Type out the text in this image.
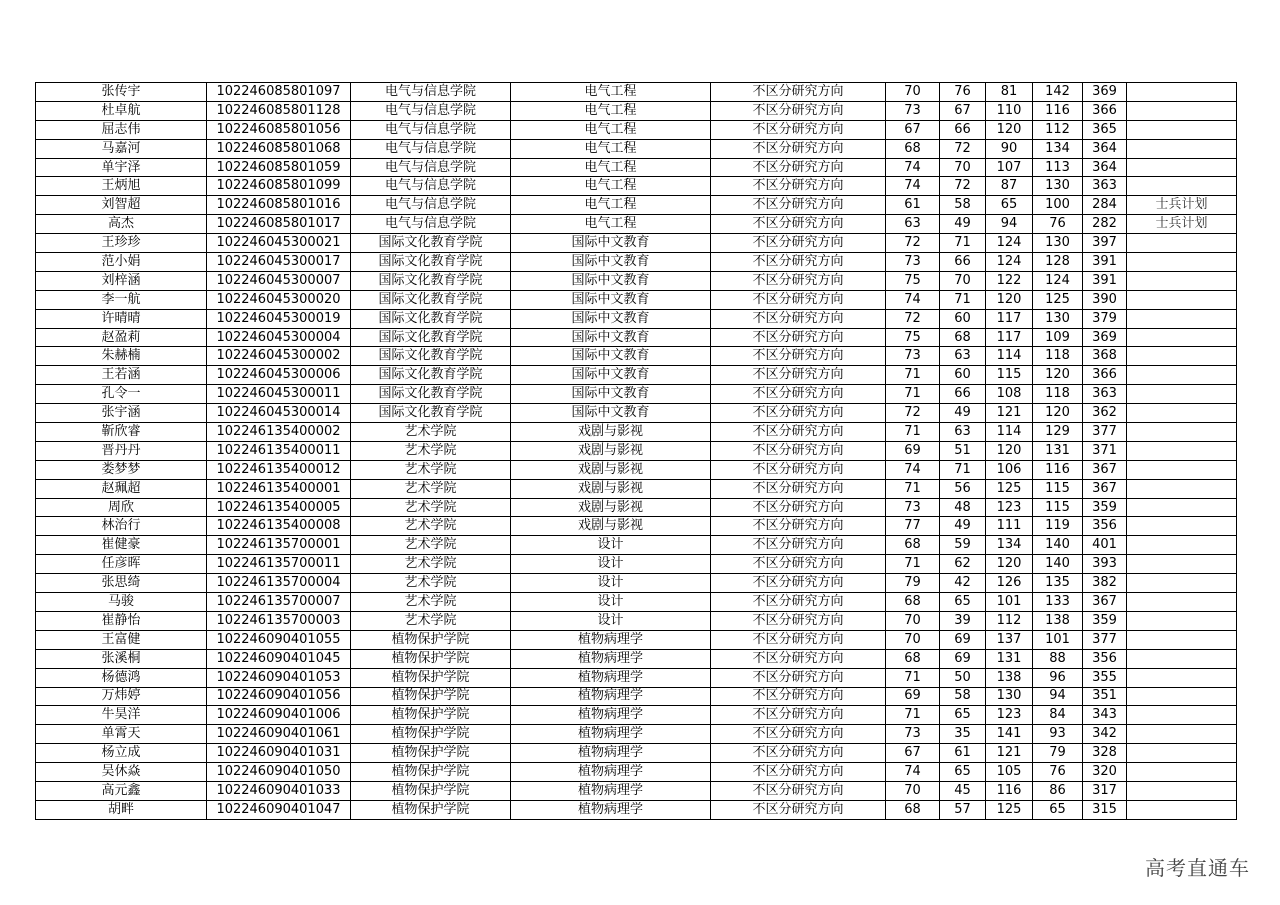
张传宇	102246085801097	电气与信息学院	电气工程	不区分研究方向	70	76	81	142	369	
杜卓航	102246085801128	电气与信息学院	电气工程	不区分研究方向	73	67	110	116	366	
屈志伟	102246085801056	电气与信息学院	电气工程	不区分研究方向	67	66	120	112	365	
马嘉河	102246085801068	电气与信息学院	电气工程	不区分研究方向	68	72	90	134	364	
单宇泽	102246085801059	电气与信息学院	电气工程	不区分研究方向	74	70	107	113	364	
王炳旭	102246085801099	电气与信息学院	电气工程	不区分研究方向	74	72	87	130	363	
刘智超	102246085801016	电气与信息学院	电气工程	不区分研究方向	61	58	65	100	284	士兵计划
高杰	102246085801017	电气与信息学院	电气工程	不区分研究方向	63	49	94	76	282	士兵计划
王珍珍	102246045300021	国际文化教育学院	国际中文教育	不区分研究方向	72	71	124	130	397	
范小娟	102246045300017	国际文化教育学院	国际中文教育	不区分研究方向	73	66	124	128	391	
刘梓涵	102246045300007	国际文化教育学院	国际中文教育	不区分研究方向	75	70	122	124	391	
李一航	102246045300020	国际文化教育学院	国际中文教育	不区分研究方向	74	71	120	125	390	
许晴晴	102246045300019	国际文化教育学院	国际中文教育	不区分研究方向	72	60	117	130	379	
赵盈莉	102246045300004	国际文化教育学院	国际中文教育	不区分研究方向	75	68	117	109	369	
朱赫楠	102246045300002	国际文化教育学院	国际中文教育	不区分研究方向	73	63	114	118	368	
王若涵	102246045300006	国际文化教育学院	国际中文教育	不区分研究方向	71	60	115	120	366	
孔令一	102246045300011	国际文化教育学院	国际中文教育	不区分研究方向	71	66	108	118	363	
张宇涵	102246045300014	国际文化教育学院	国际中文教育	不区分研究方向	72	49	121	120	362	
靳欣睿	102246135400002	艺术学院	戏剧与影视	不区分研究方向	71	63	114	129	377	
晋丹丹	102246135400011	艺术学院	戏剧与影视	不区分研究方向	69	51	120	131	371	
娄梦梦	102246135400012	艺术学院	戏剧与影视	不区分研究方向	74	71	106	116	367	
赵珮超	102246135400001	艺术学院	戏剧与影视	不区分研究方向	71	56	125	115	367	
周欣	102246135400005	艺术学院	戏剧与影视	不区分研究方向	73	48	123	115	359	
林治行	102246135400008	艺术学院	戏剧与影视	不区分研究方向	77	49	111	119	356	
崔健豪	102246135700001	艺术学院	设计	不区分研究方向	68	59	134	140	401	
任彦晖	102246135700011	艺术学院	设计	不区分研究方向	71	62	120	140	393	
张思绮	102246135700004	艺术学院	设计	不区分研究方向	79	42	126	135	382	
马骏	102246135700007	艺术学院	设计	不区分研究方向	68	65	101	133	367	
崔静怡	102246135700003	艺术学院	设计	不区分研究方向	70	39	112	138	359	
王富健	102246090401055	植物保护学院	植物病理学	不区分研究方向	70	69	137	101	377	
张溪桐	102246090401045	植物保护学院	植物病理学	不区分研究方向	68	69	131	88	356	
杨德鸿	102246090401053	植物保护学院	植物病理学	不区分研究方向	71	50	138	96	355	
万炜婷	102246090401056	植物保护学院	植物病理学	不区分研究方向	69	58	130	94	351	
牛昊洋	102246090401006	植物保护学院	植物病理学	不区分研究方向	71	65	123	84	343	
单霄天	102246090401061	植物保护学院	植物病理学	不区分研究方向	73	35	141	93	342	
杨立成	102246090401031	植物保护学院	植物病理学	不区分研究方向	67	61	121	79	328	
吴休焱	102246090401050	植物保护学院	植物病理学	不区分研究方向	74	65	105	76	320	
高元鑫	102246090401033	植物保护学院	植物病理学	不区分研究方向	70	45	116	86	317	
胡畔	102246090401047	植物保护学院	植物病理学	不区分研究方向	68	57	125	65	315	
高考直通车
